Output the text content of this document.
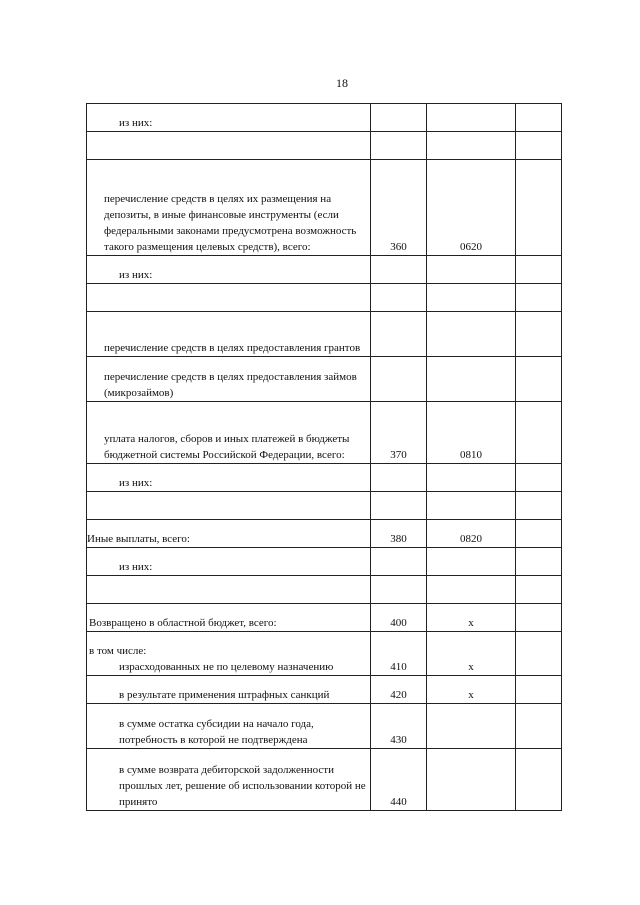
18
из них:			

перечисление средств в целях их размещения на депозиты, в иные финансовые инструменты (если федеральными законами предусмотрена возможность такого размещения целевых средств), всего:	360	0620	

из них:			

перечисление средств в целях предоставления грантов			

перечисление средств в целях предоставления займов (микрозаймов)			

уплата налогов, сборов и иных платежей в бюджеты бюджетной системы Российской Федерации, всего:	370	0810	

из них:			

Иные выплаты, всего:	380	0820	

из них:			

Возвращено в областной бюджет, всего:	400	x	

в том числе:
израсходованных не по целевому назначению	410	x	

в результате применения штрафных санкций	420	x	

в сумме остатка субсидии на начало года, потребность в которой не подтверждена	430		

в сумме возврата дебиторской задолженности прошлых лет, решение об использовании которой не принято	440		
